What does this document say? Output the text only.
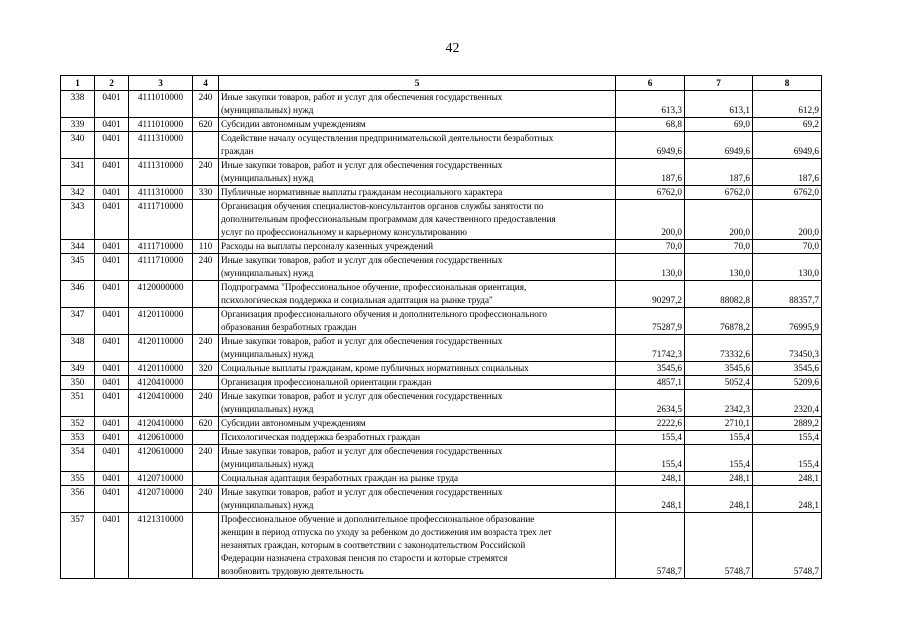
42
1	2	3	4	5	6	7	8
338	0401	4111010000	240	Иные закупки товаров, работ и услуг для обеспечения государственных
(муниципальных) нужд	613,3	613,1	612,9
339	0401	4111010000	620	Субсидии автономным учреждениям	68,8	69,0	69,2
340	0401	4111310000		Содействие началу осуществления предпринимательской деятельности безработных
граждан	6949,6	6949,6	6949,6
341	0401	4111310000	240	Иные закупки товаров, работ и услуг для обеспечения государственных
(муниципальных) нужд	187,6	187,6	187,6
342	0401	4111310000	330	Публичные нормативные выплаты гражданам несоциального характера	6762,0	6762,0	6762,0
343	0401	4111710000		Организация обучения специалистов-консультантов органов службы занятости по
дополнительным профессиональным программам для качественного предоставления
услуг по профессиональному и карьерному консультированию	200,0	200,0	200,0
344	0401	4111710000	110	Расходы на выплаты персоналу казенных учреждений	70,0	70,0	70,0
345	0401	4111710000	240	Иные закупки товаров, работ и услуг для обеспечения государственных
(муниципальных) нужд	130,0	130,0	130,0
346	0401	4120000000		Подпрограмма "Профессиональное обучение, профессиональная ориентация,
психологическая поддержка и социальная адаптация на рынке труда"	90297,2	88082,8	88357,7
347	0401	4120110000		Организация профессионального обучения и дополнительного профессионального
образования безработных граждан	75287,9	76878,2	76995,9
348	0401	4120110000	240	Иные закупки товаров, работ и услуг для обеспечения государственных
(муниципальных) нужд	71742,3	73332,6	73450,3
349	0401	4120110000	320	Социальные выплаты гражданам, кроме публичных нормативных социальных	3545,6	3545,6	3545,6
350	0401	4120410000		Организация профессиональной ориентации граждан	4857,1	5052,4	5209,6
351	0401	4120410000	240	Иные закупки товаров, работ и услуг для обеспечения государственных
(муниципальных) нужд	2634,5	2342,3	2320,4
352	0401	4120410000	620	Субсидии автономным учреждениям	2222,6	2710,1	2889,2
353	0401	4120610000		Психологическая поддержка безработных граждан	155,4	155,4	155,4
354	0401	4120610000	240	Иные закупки товаров, работ и услуг для обеспечения государственных
(муниципальных) нужд	155,4	155,4	155,4
355	0401	4120710000		Социальная адаптация безработных граждан на рынке труда	248,1	248,1	248,1
356	0401	4120710000	240	Иные закупки товаров, работ и услуг для обеспечения государственных
(муниципальных) нужд	248,1	248,1	248,1
357	0401	4121310000		Профессиональное обучение и дополнительное профессиональное образование
женщин в период отпуска по уходу за ребенком до достижения им возраста трех лет
незанятых граждан, которым в соответствии с законодательством Российской
Федерации назначена страховая пенсия по старости и которые стремятся
возобновить трудовую деятельность	5748,7	5748,7	5748,7
